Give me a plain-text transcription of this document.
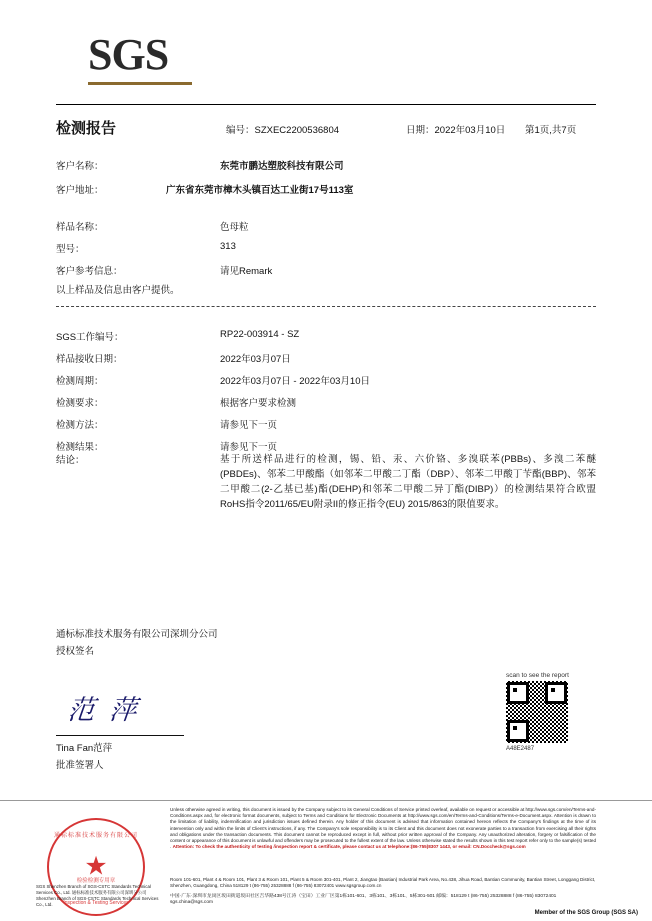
SGS
检测报告	编号：SZXEC2200536804	日期：2022年03月10日 第1页,共7页
客户名称：	东莞市鹏达塑胶科技有限公司
客户地址：	广东省东莞市樟木头镇百达工业街17号113室
样品名称：	色母粒
型号：	313
客户参考信息：	请见Remark
以上样品及信息由客户提供。
SGS工作编号：	RP22-003914 - SZ
样品接收日期：	2022年03月07日
检测周期：	2022年03月07日 - 2022年03月10日
检测要求：	根据客户要求检测
检测方法：	请参见下一页
检测结果：	请参见下一页
结论：	基于所送样品进行的检测，锡、铅、汞、六价铬、多溴联苯(PBBs)、多溴二苯醚(PBDEs)、邻苯二甲酸酯（如邻苯二甲酸二丁酯（DBP）、邻苯二甲酸丁苄酯(BBP)、邻苯二甲酸二(2-乙基已基)酯(DEHP)和邻苯二甲酸二异丁酯(DIBP)）的检测结果符合欧盟RoHS指令2011/65/EU附录II的修正指令(EU) 2015/863的限值要求。
通标标准技术服务有限公司深圳分公司
授权签名
范 萍
Tina Fan范萍
批准签署人
scan to see the report
A48E2487
通标标准技术服务有限公司
★
检验检测专用章
Inspection & Testing Services
SGS Shenzhen Branch of SGS-CSTC Standards Technical Services Co., Ltd. 通标标准技术服务有限公司深圳分公司 Shenzhen Branch of SGS-CSTC Standards Technical Services Co., Ltd.
Unless otherwise agreed in writing, this document is issued by the Company subject to its General Conditions of Service printed overleaf, available on request or accessible at http://www.sgs.com/en/Terms-and-Conditions.aspx and, for electronic format documents, subject to Terms and Conditions for Electronic Documents at http://www.sgs.com/en/Terms-and-Conditions/Terms-e-Document.aspx. Attention is drawn to the limitation of liability, indemnification and jurisdiction issues defined therein. Any holder of this document is advised that information contained hereon reflects the Company's findings at the time of its intervention only and within the limits of Client's instructions, if any. The Company's sole responsibility is to its Client and this document does not exonerate parties to a transaction from exercising all their rights and obligations under the transaction documents. This document cannot be reproduced except in full, without prior written approval of the Company. Any unauthorized alteration, forgery or falsification of the content or appearance of this document is unlawful and offenders may be prosecuted to the fullest extent of the law. Unless otherwise stated the results shown in this test report refer only to the sample(s) tested . Attention: To check the authenticity of testing /inspection report & certificate, please contact us at telephone:(86-755)8307 1443, or email: CN.Doccheck@sgs.com
Room 101-601, Plant 4 & Room 101, Plant 3 & Room 101, Plant 5 & Room 301-401, Plant 2, Jiangtao (Baotian) Industrial Park Area, No.438, Jihua Road, Bantian Community, Bantian Street, Longgang District, Shenzhen, Guangdong, China 518129 t (86-755) 25328888 f (86-755) 83072401 www.sgsgroup.com.cn
中国·广东·深圳市龙岗区坂田街道坂田社区吉华路438号江涛（宝田）工业厂区第1栋101-601、3栋101、3栋101、5栋301-501 邮编：518129 t (86-755) 25328888 f (86-755) 83072401 sgs.china@sgs.com
Member of the SGS Group (SGS SA)
